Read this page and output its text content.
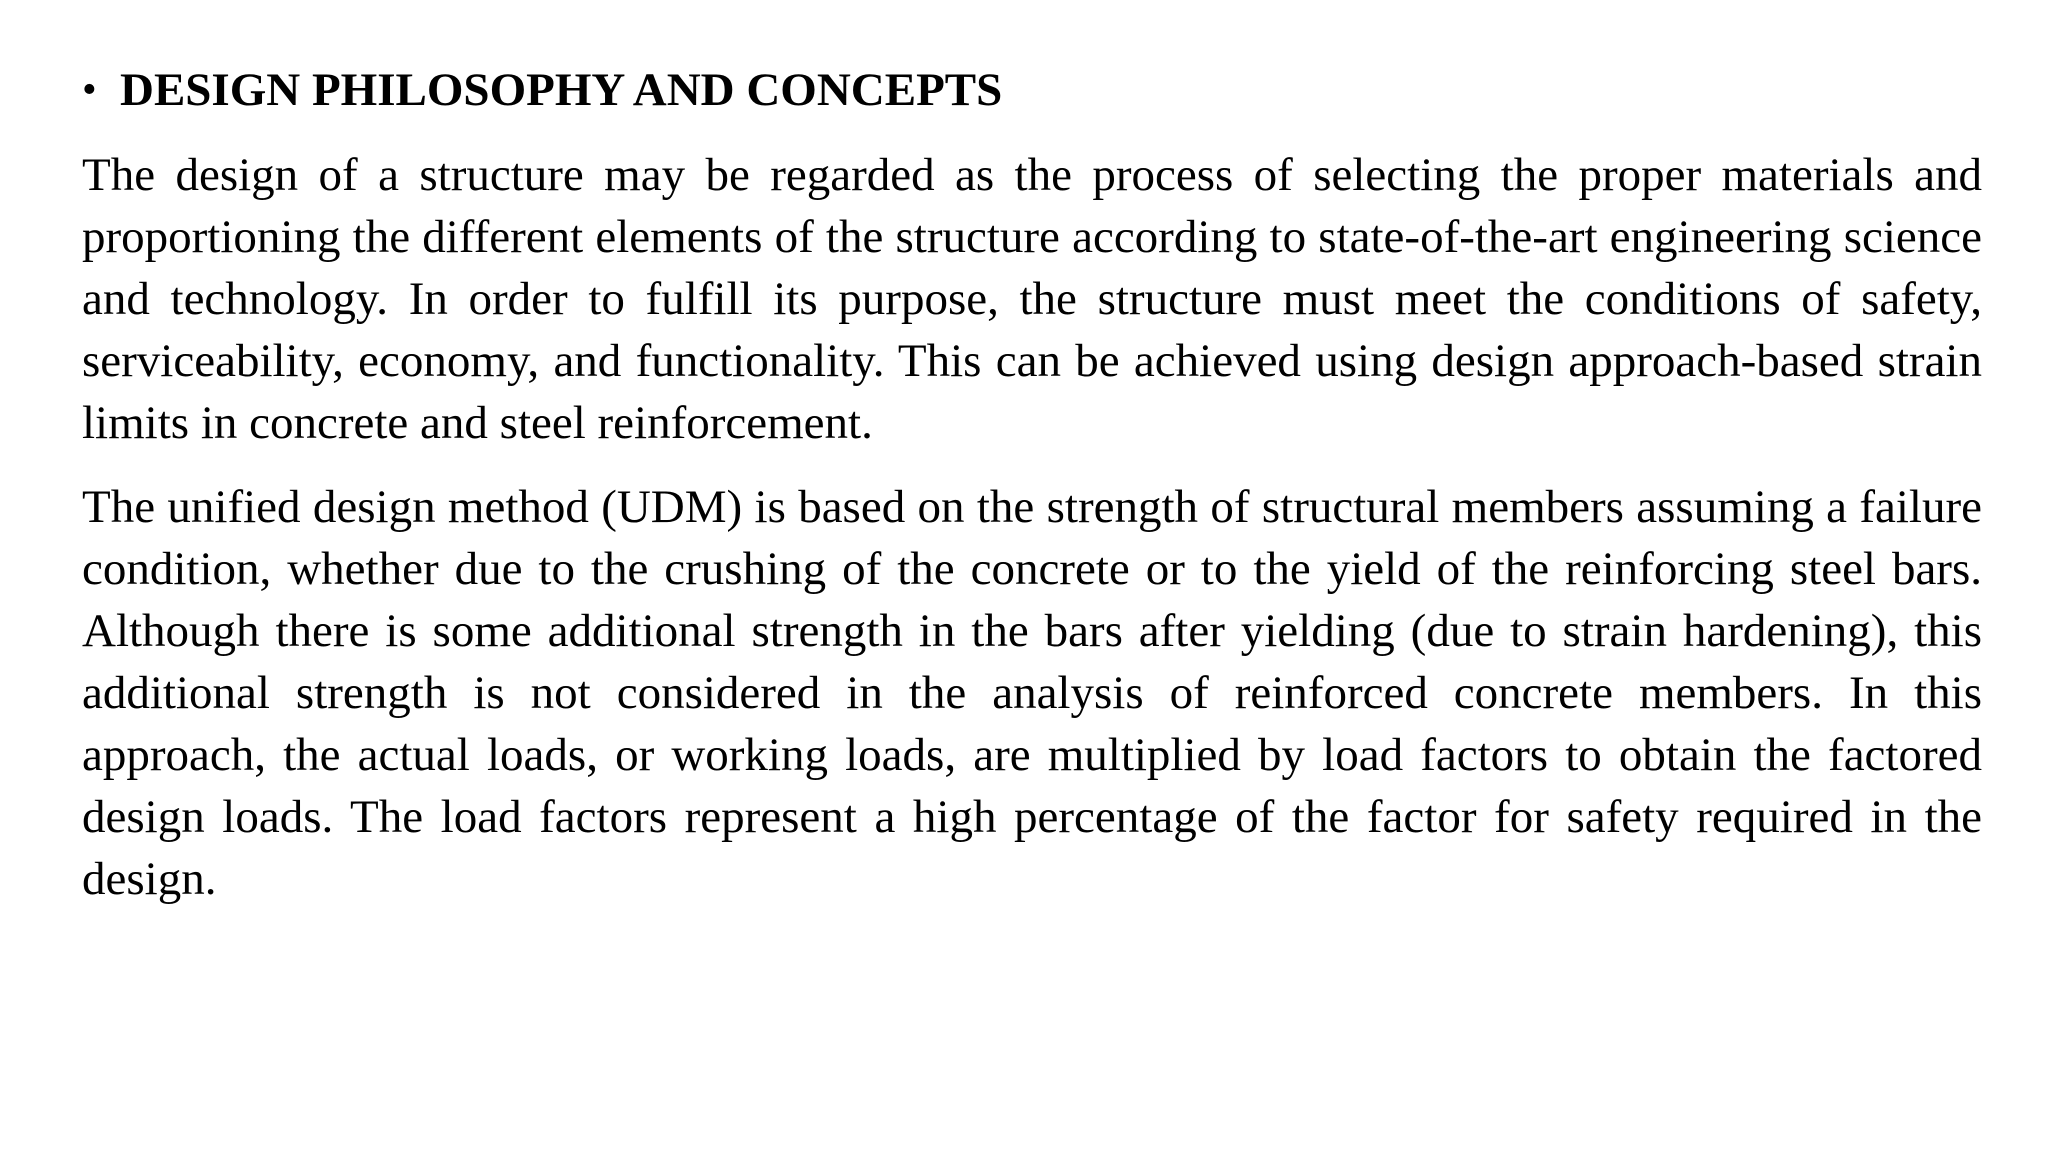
• DESIGN PHILOSOPHY AND CONCEPTS

The design of a structure may be regarded as the process of selecting the proper materials and proportioning the different elements of the structure according to state-of-the-art engineering science and technology. In order to fulfill its purpose, the structure must meet the conditions of safety, serviceability, economy, and functionality. This can be achieved using design approach-based strain limits in concrete and steel reinforcement.

The unified design method (UDM) is based on the strength of structural members assuming a failure condition, whether due to the crushing of the concrete or to the yield of the reinforcing steel bars. Although there is some additional strength in the bars after yielding (due to strain hardening), this additional strength is not considered in the analysis of reinforced concrete members. In this approach, the actual loads, or working loads, are multiplied by load factors to obtain the factored design loads. The load factors represent a high percentage of the factor for safety required in the design.
